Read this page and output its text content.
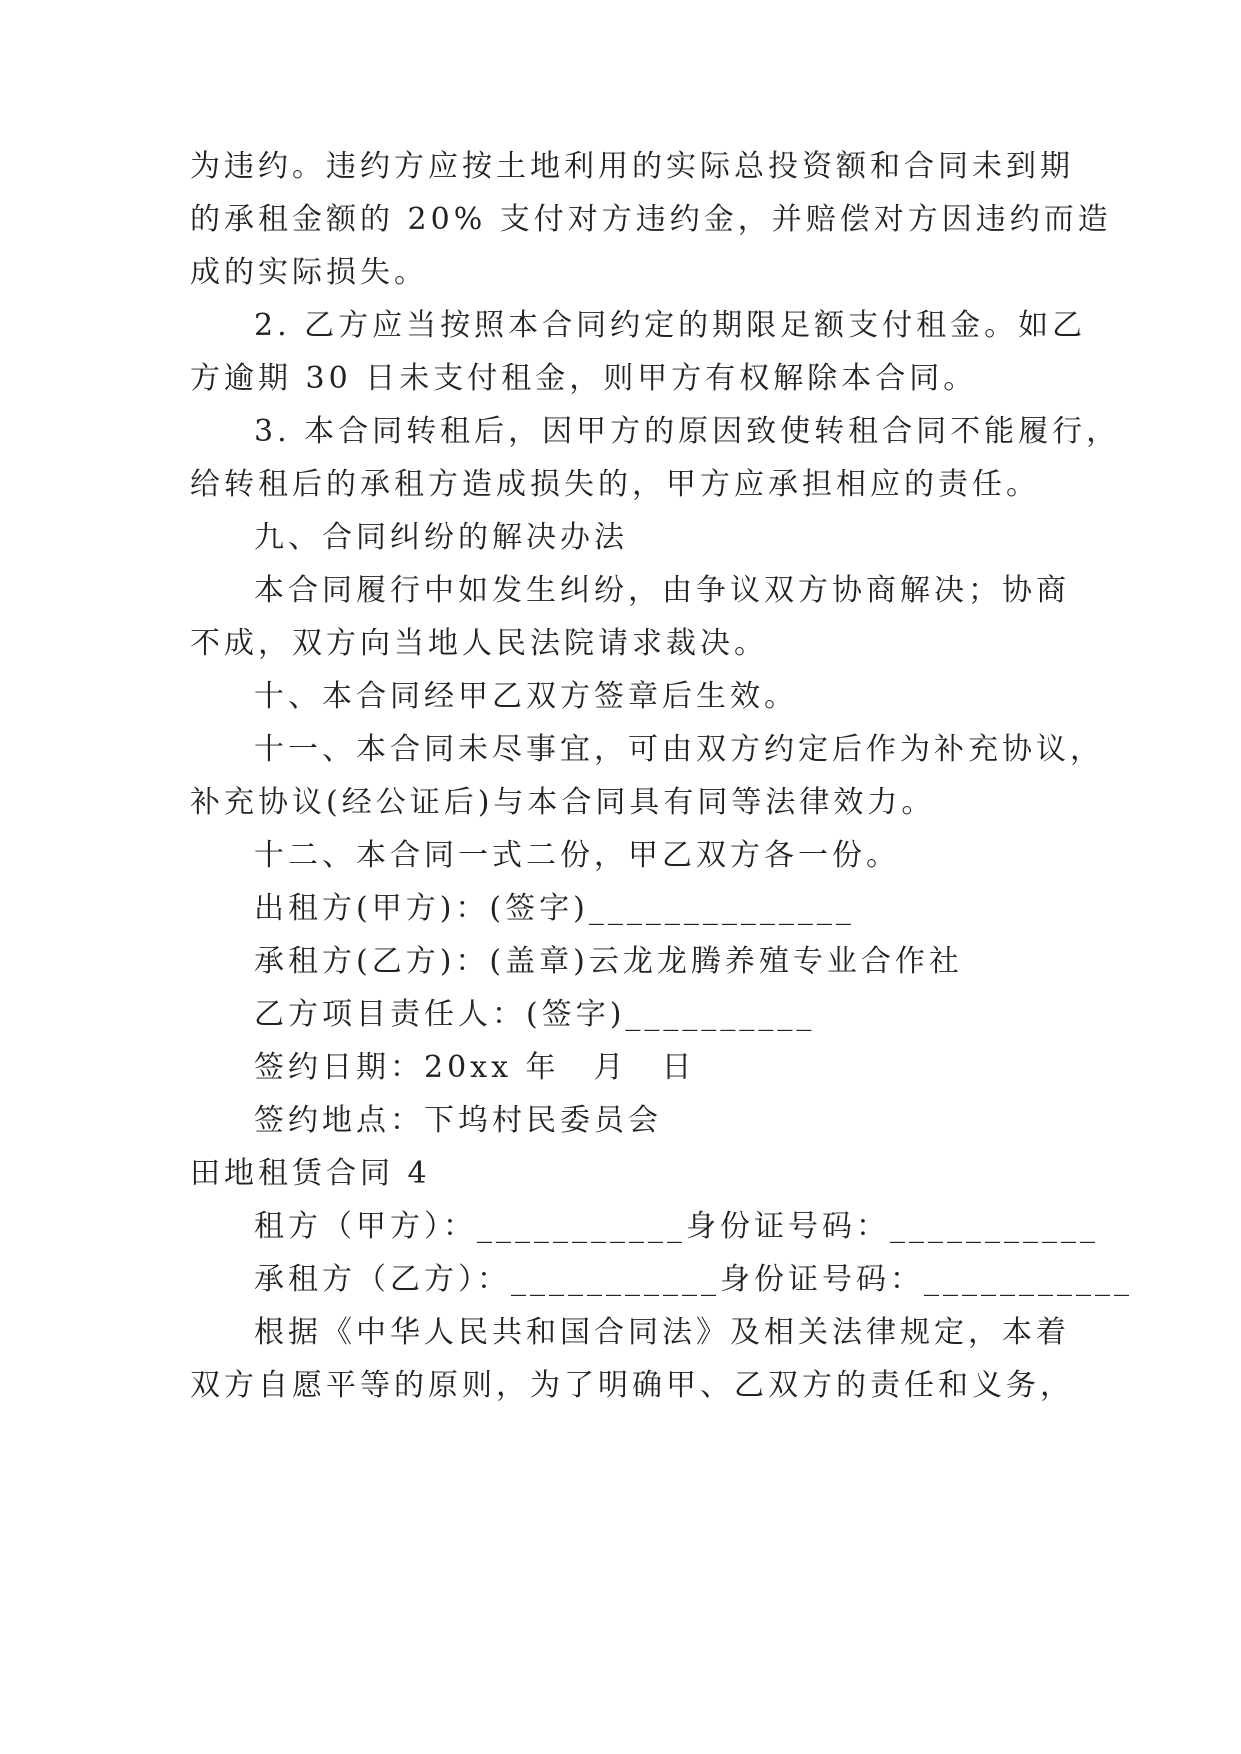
为违约。违约方应按土地利用的实际总投资额和合同未到期
的承租金额的 20% 支付对方违约金，并赔偿对方因违约而造
成的实际损失。
2. 乙方应当按照本合同约定的期限足额支付租金。如乙
方逾期 30 日未支付租金，则甲方有权解除本合同。
3. 本合同转租后，因甲方的原因致使转租合同不能履行，
给转租后的承租方造成损失的，甲方应承担相应的责任。
九、合同纠纷的解决办法
本合同履行中如发生纠纷，由争议双方协商解决；协商
不成，双方向当地人民法院请求裁决。
十、本合同经甲乙双方签章后生效。
十一、本合同未尽事宜，可由双方约定后作为补充协议，
补充协议(经公证后)与本合同具有同等法律效力。
十二、本合同一式二份，甲乙双方各一份。
出租方(甲方)：(签字)______________
承租方(乙方)：(盖章)云龙龙腾养殖专业合作社
乙方项目责任人：(签字)__________
签约日期：20xx 年　月　日
签约地点：下坞村民委员会
田地租赁合同 4
租方（甲方）：___________身份证号码：___________
承租方（乙方）：___________身份证号码：___________
根据《中华人民共和国合同法》及相关法律规定，本着
双方自愿平等的原则，为了明确甲、乙双方的责任和义务，
